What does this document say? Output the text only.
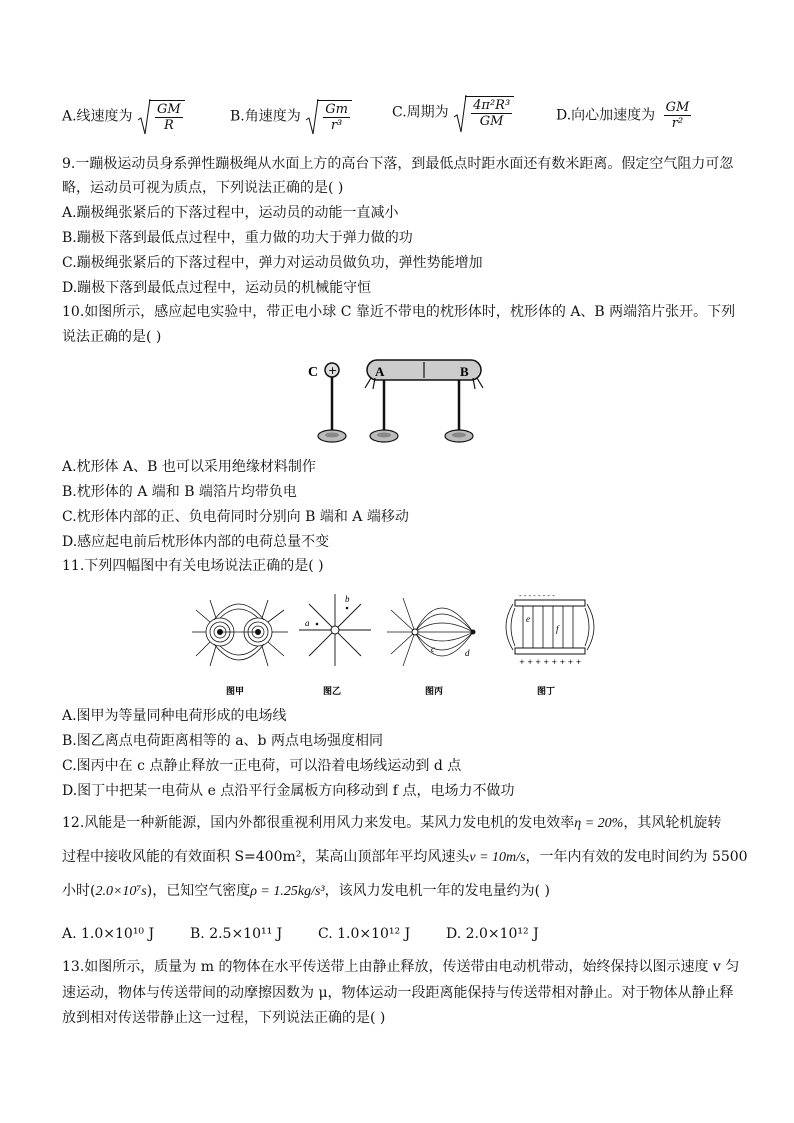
A.线速度为 $\frac{GM}{R}$	B.角速度为 $\frac{Gm}{\text{r³}}$	C.周期为 $\frac{\text{4π²R³}}{GM}$	D.向心加速度为 $\frac{GM}{\text{r²}}$
9.一蹦极运动员身系弹性蹦极绳从水面上方的高台下落，到最低点时距水面还有数米距离。假定空气阻力可忽
略，运动员可视为质点，下列说法正确的是( )
A.蹦极绳张紧后的下落过程中，运动员的动能一直减小
B.蹦极下落到最低点过程中，重力做的功大于弹力做的功
C.蹦极绳张紧后的下落过程中，弹力对运动员做负功，弹性势能增加
D.蹦极下落到最低点过程中，运动员的机械能守恒
10.如图所示，感应起电实验中，带正电小球 C 靠近不带电的枕形体时，枕形体的 A、B 两端箔片张开。下列
说法正确的是( )
C +	A	B
A.枕形体 A、B 也可以采用绝缘材料制作
B.枕形体的 A 端和 B 端箔片均带负电
C.枕形体内部的正、负电荷同时分别向 B 端和 A 端移动
D.感应起电前后枕形体内部的电荷总量不变
11.下列四幅图中有关电场说法正确的是( )
图甲
a
b
图乙
c	d
图丙
- - - - - - - -
+ + + + + + + +
e
f
图丁
A.图甲为等量同种电荷形成的电场线
B.图乙离点电荷距离相等的 a、b 两点电场强度相同
C.图丙中在 c 点静止释放一正电荷，可以沿着电场线运动到 d 点
D.图丁中把某一电荷从 e 点沿平行金属板方向移动到 f 点，电场力不做功
12.风能是一种新能源，国内外都很重视利用风力来发电。某风力发电机的发电效率η = 20%，其风轮机旋转
过程中接收风能的有效面积 S=400m²，某高山顶部年平均风速头v = 10m/s，一年内有效的发电时间约为 5500
小时(2.0×10⁷s)，已知空气密度ρ = 1.25kg/s³，该风力发电机一年的发电量约为( )
A. 1.0×10¹⁰ J	B. 2.5×10¹¹ J	C. 1.0×10¹² J	D. 2.0×10¹² J
13.如图所示，质量为 m 的物体在水平传送带上由静止释放，传送带由电动机带动，始终保持以图示速度 v 匀
速运动，物体与传送带间的动摩擦因数为 μ，物体运动一段距离能保持与传送带相对静止。对于物体从静止释
放到相对传送带静止这一过程，下列说法正确的是( )
